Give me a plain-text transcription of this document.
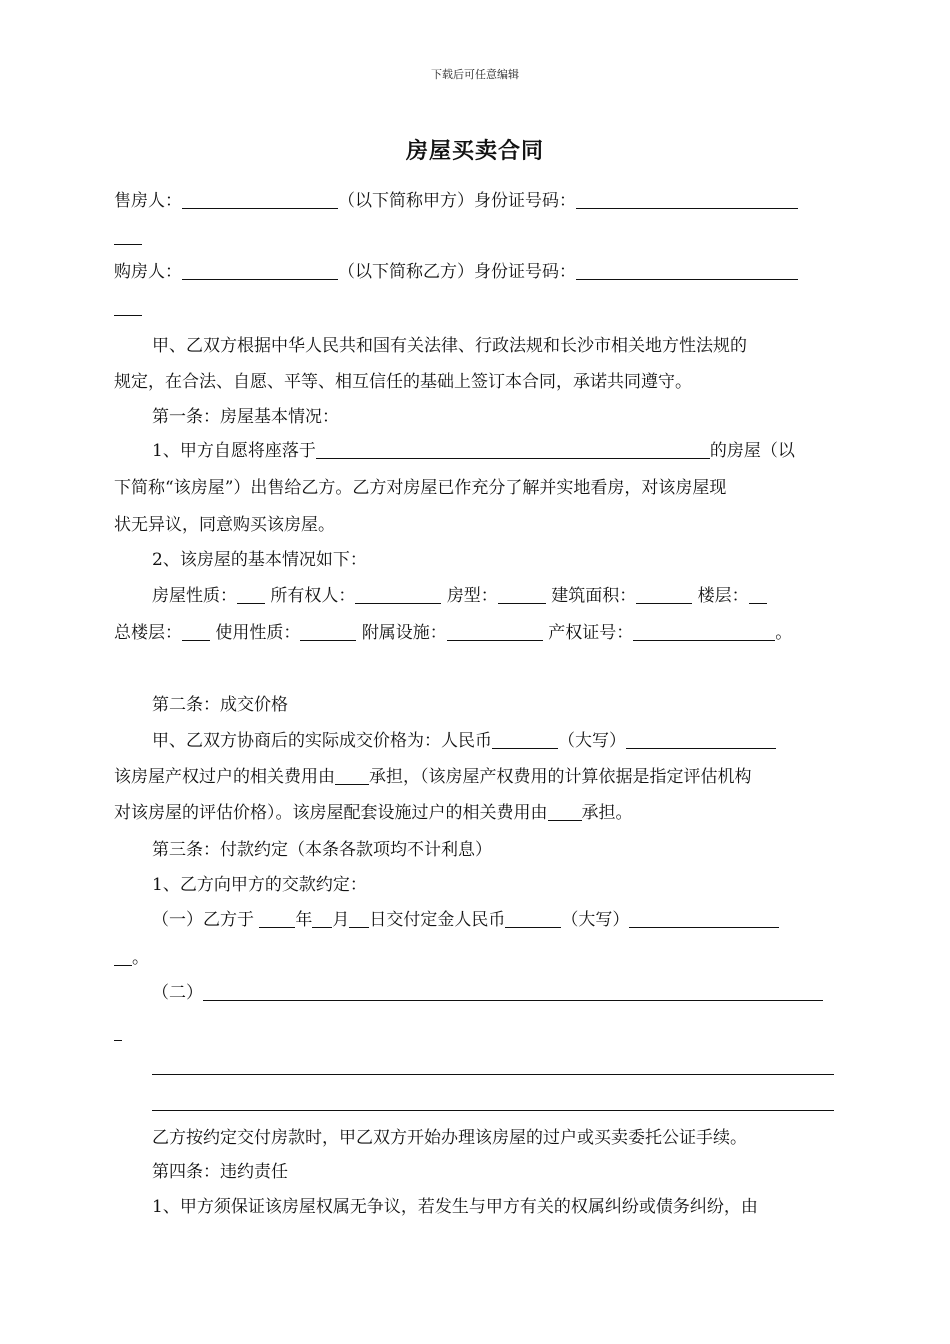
下载后可任意编辑
房屋买卖合同
售房人：	（以下简称甲方）身份证号码：
购房人：	（以下简称乙方）身份证号码：
甲、乙双方根据中华人民共和国有关法律、行政法规和长沙市相关地方性法规的
规定，在合法、自愿、平等、相互信任的基础上签订本合同，承诺共同遵守。
第一条：房屋基本情况：
1、甲方自愿将座落于	的房屋（以
下简称“该房屋”）出售给乙方。乙方对房屋已作充分了解并实地看房，对该房屋现
状无异议，同意购买该房屋。
2、该房屋的基本情况如下：
房屋性质： 所有权人：	房型：	建筑面积：	楼层：
总楼层： 使用性质：	附属设施：	产权证号：	。
第二条：成交价格
甲、乙双方协商后的实际成交价格为：人民币	（大写）
该房屋产权过户的相关费用由 承担，（该房屋产权费用的计算依据是指定评估机构
对该房屋的评估价格）。该房屋配套设施过户的相关费用由 承担。
第三条：付款约定（本条各款项均不计利息）
1、乙方向甲方的交款约定：
（一）乙方于 年 月 日交付定金人民币	（大写）
。
（二）
乙方按约定交付房款时，甲乙双方开始办理该房屋的过户或买卖委托公证手续。
第四条：违约责任
1、甲方须保证该房屋权属无争议，若发生与甲方有关的权属纠纷或债务纠纷，由
